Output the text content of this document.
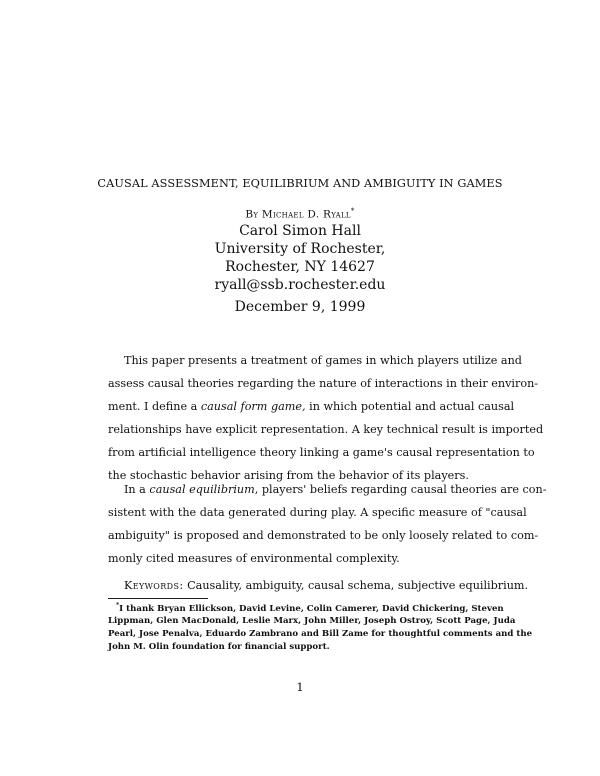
CAUSAL ASSESSMENT, EQUILIBRIUM AND AMBIGUITY IN GAMES
By Michael D. Ryall*
Carol Simon Hall
University of Rochester,
Rochester, NY 14627
ryall@ssb.rochester.edu
December 9, 1999
This paper presents a treatment of games in which players utilize and
assess causal theories regarding the nature of interactions in their environ-
ment. I define a causal form game, in which potential and actual causal
relationships have explicit representation. A key technical result is imported
from artificial intelligence theory linking a game's causal representation to
the stochastic behavior arising from the behavior of its players.
In a causal equilibrium, players' beliefs regarding causal theories are con-
sistent with the data generated during play. A specific measure of "causal
ambiguity" is proposed and demonstrated to be only loosely related to com-
monly cited measures of environmental complexity.
Keywords: Causality, ambiguity, causal schema, subjective equilibrium.
*I thank Bryan Ellickson, David Levine, Colin Camerer, David Chickering, Steven
Lippman, Glen MacDonald, Leslie Marx, John Miller, Joseph Ostroy, Scott Page, Juda
Pearl, Jose Penalva, Eduardo Zambrano and Bill Zame for thoughtful comments and the
John M. Olin foundation for financial support.
1
